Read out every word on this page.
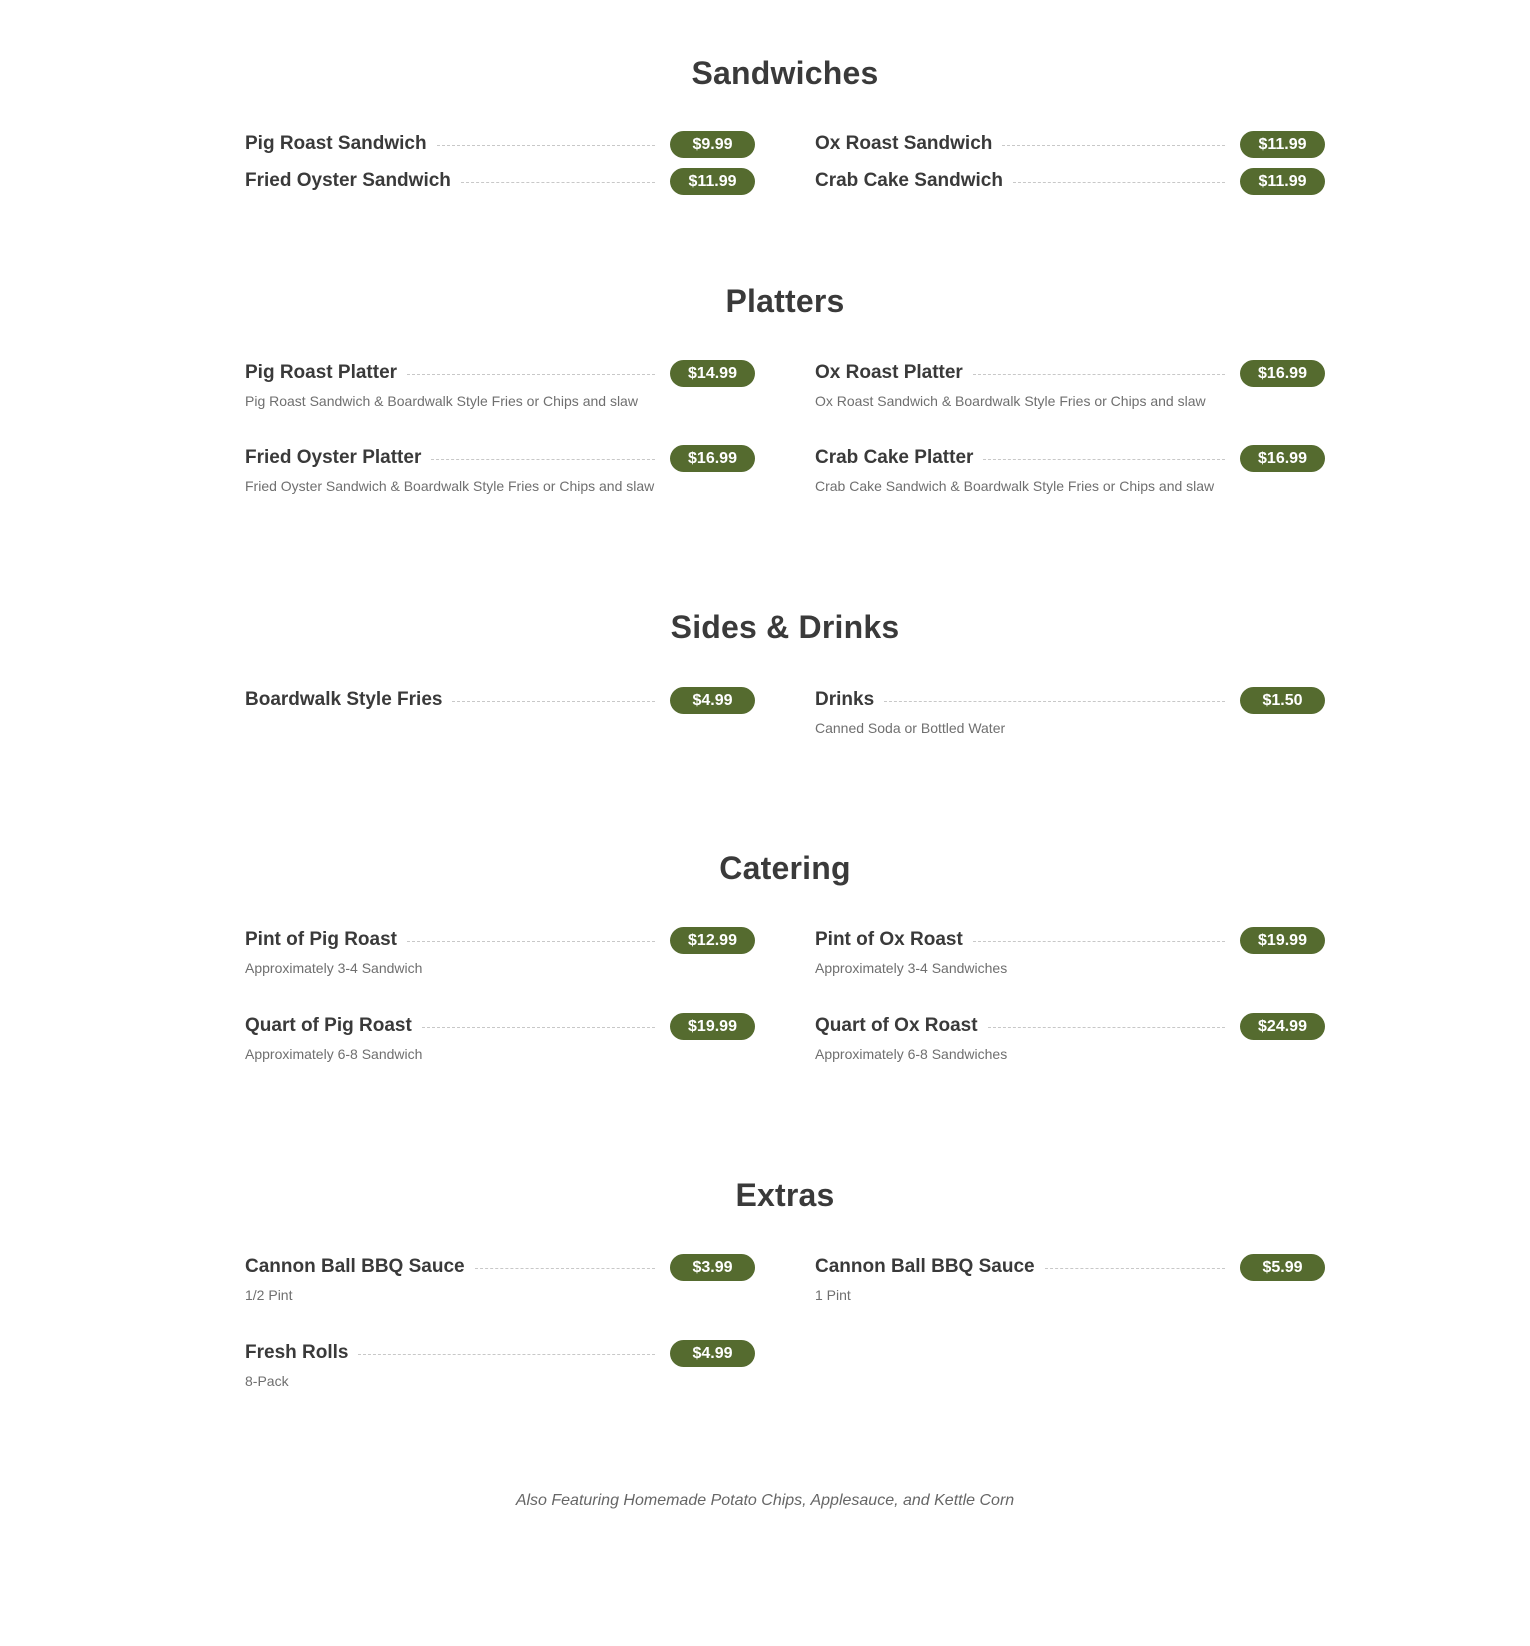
Sandwiches
Pig Roast Sandwich	$9.99	Ox Roast Sandwich	$11.99
Fried Oyster Sandwich	$11.99	Crab Cake Sandwich	$11.99
Platters
Pig Roast Platter	$14.99
Pig Roast Sandwich & Boardwalk Style Fries or Chips and slaw
Ox Roast Platter	$16.99
Ox Roast Sandwich & Boardwalk Style Fries or Chips and slaw
Fried Oyster Platter	$16.99
Fried Oyster Sandwich & Boardwalk Style Fries or Chips and slaw
Crab Cake Platter	$16.99
Crab Cake Sandwich & Boardwalk Style Fries or Chips and slaw
Sides & Drinks
Boardwalk Style Fries	$4.99	Drinks	$1.50
Canned Soda or Bottled Water
Catering
Pint of Pig Roast	$12.99
Approximately 3-4 Sandwich
Pint of Ox Roast	$19.99
Approximately 3-4 Sandwiches
Quart of Pig Roast	$19.99
Approximately 6-8 Sandwich
Quart of Ox Roast	$24.99
Approximately 6-8 Sandwiches
Extras
Cannon Ball BBQ Sauce	$3.99
1/2 Pint
Cannon Ball BBQ Sauce	$5.99
1 Pint
Fresh Rolls	$4.99
8-Pack
Also Featuring Homemade Potato Chips, Applesauce, and Kettle Corn
